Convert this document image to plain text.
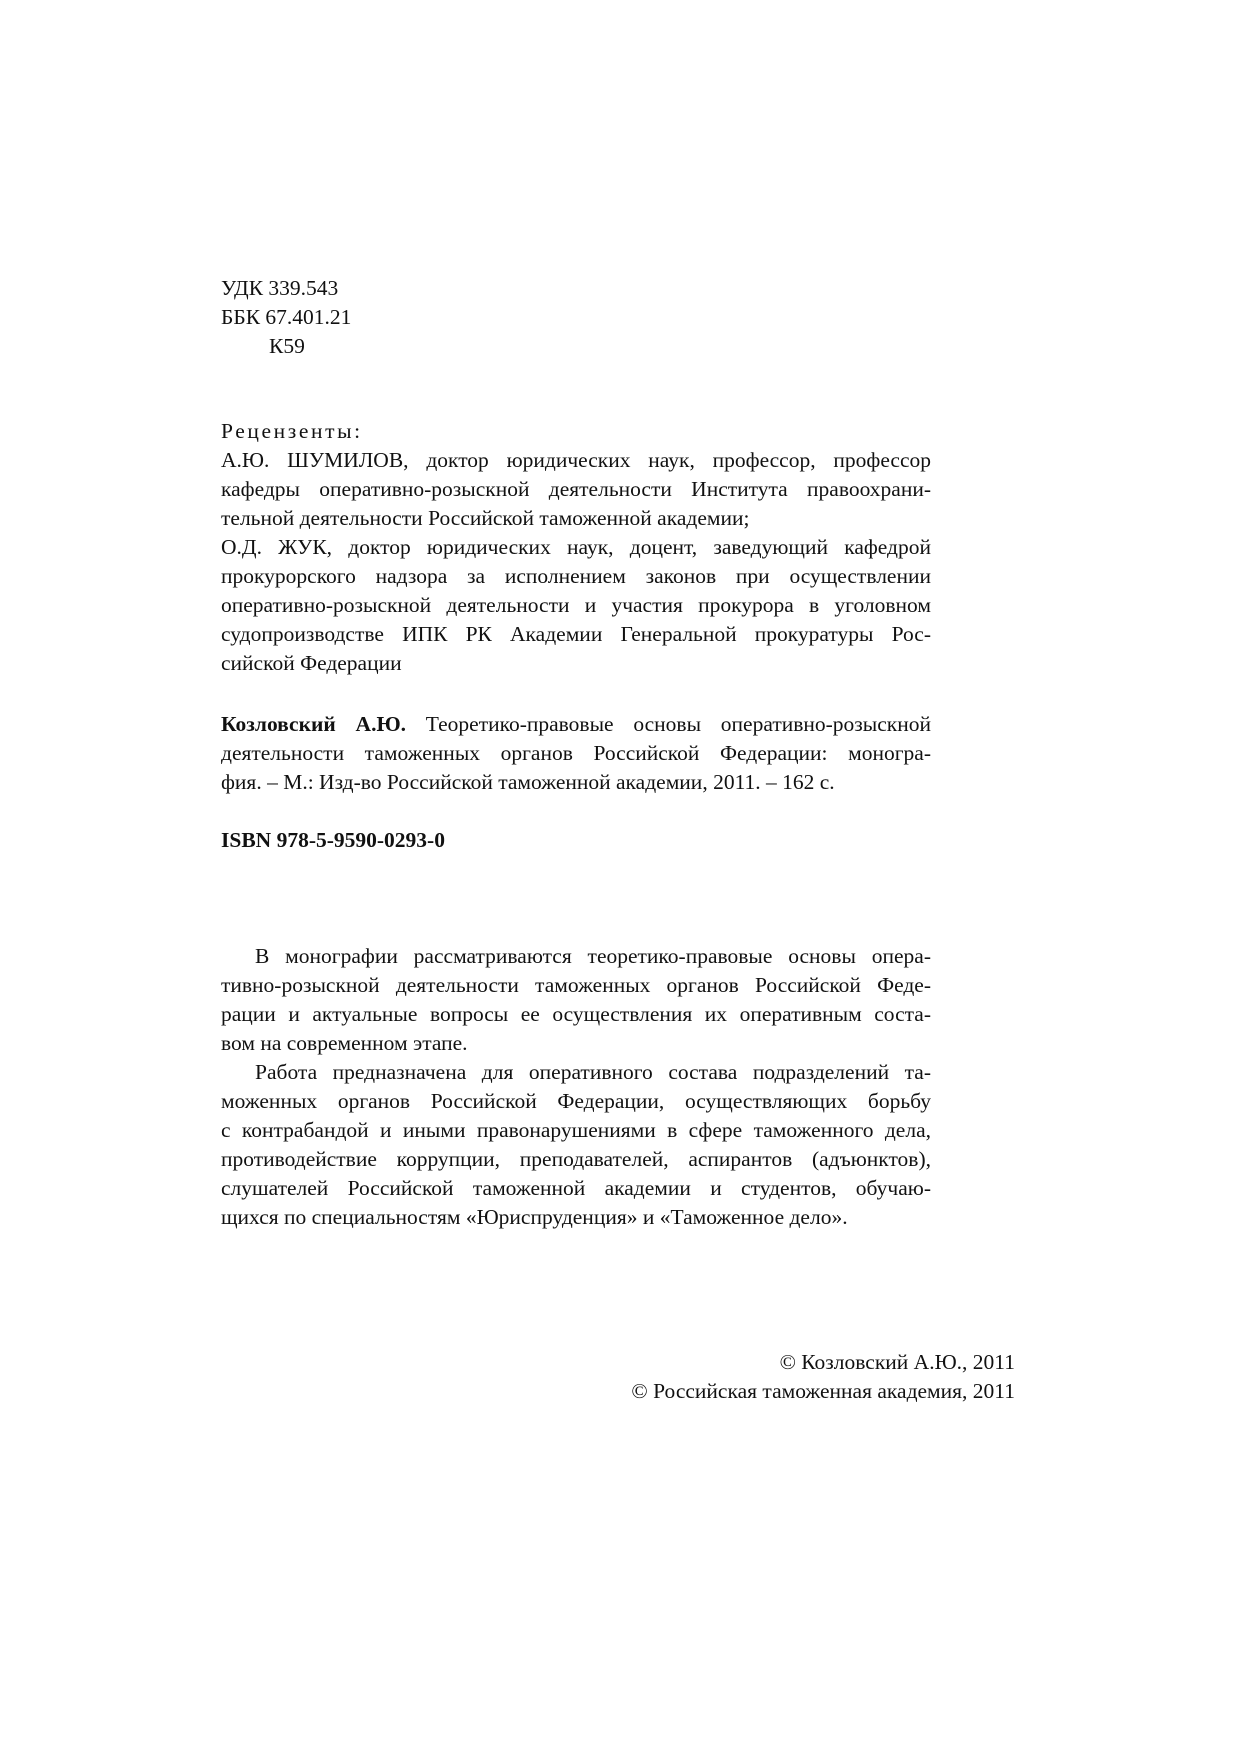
УДК 339.543
ББК 67.401.21
К59
Рецензенты:
А.Ю. ШУМИЛОВ, доктор юридических наук, профессор, профессор
кафедры оперативно-розыскной деятельности Института правоохрани-
тельной деятельности Российской таможенной академии;
О.Д. ЖУК, доктор юридических наук, доцент, заведующий кафедрой
прокурорского надзора за исполнением законов при осуществлении
оперативно-розыскной деятельности и участия прокурора в уголовном
судопроизводстве ИПК РК Академии Генеральной прокуратуры Рос-
сийской Федерации
Козловский А.Ю. Теоретико-правовые основы оперативно-розыскной
деятельности таможенных органов Российской Федерации: моногра-
фия. – М.: Изд-во Российской таможенной академии, 2011. – 162 с.
ISBN 978-5-9590-0293-0
В монографии рассматриваются теоретико-правовые основы опера-
тивно-розыскной деятельности таможенных органов Российской Феде-
рации и актуальные вопросы ее осуществления их оперативным соста-
вом на современном этапе.
Работа предназначена для оперативного состава подразделений та-
моженных органов Российской Федерации, осуществляющих борьбу
с контрабандой и иными правонарушениями в сфере таможенного дела,
противодействие коррупции, преподавателей, аспирантов (адъюнктов),
слушателей Российской таможенной академии и студентов, обучаю-
щихся по специальностям «Юриспруденция» и «Таможенное дело».
© Козловский А.Ю., 2011
© Российская таможенная академия, 2011
